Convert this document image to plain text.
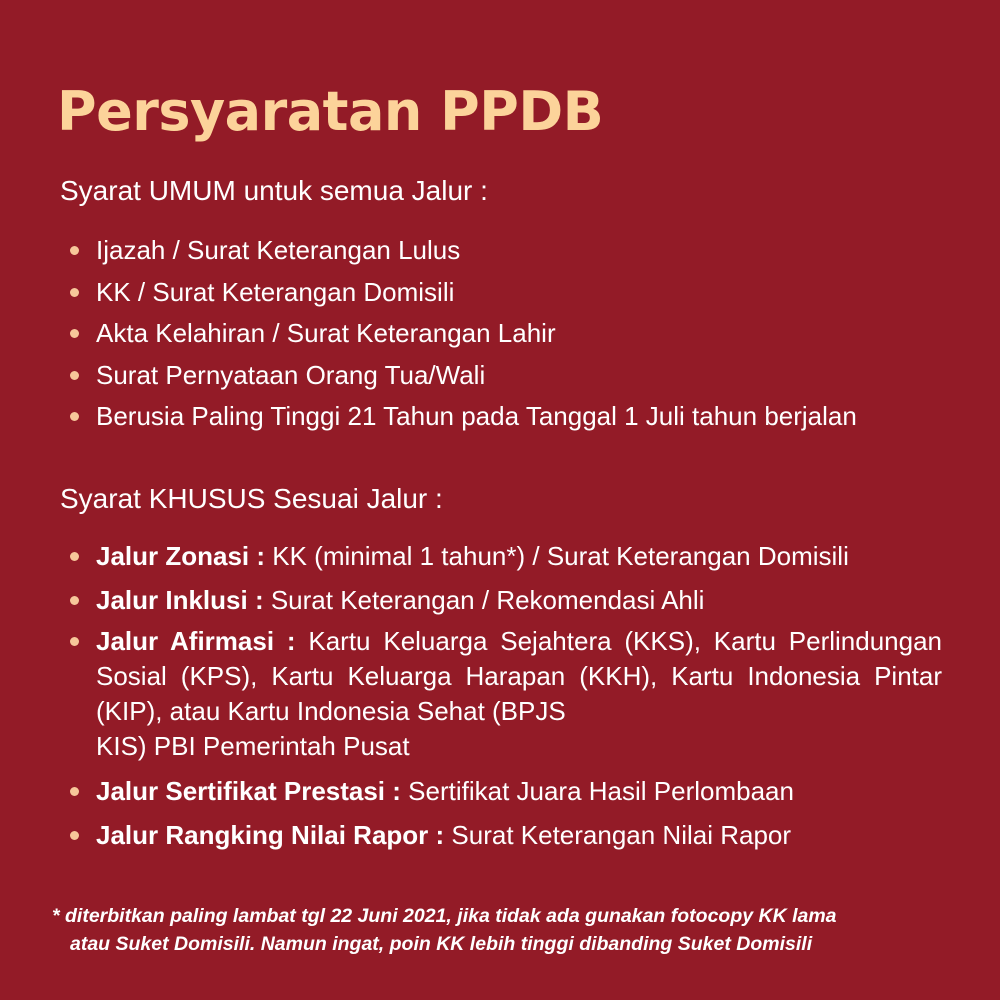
Persyaratan PPDB
Syarat UMUM untuk semua Jalur :
Ijazah / Surat Keterangan Lulus
KK / Surat Keterangan Domisili
Akta Kelahiran / Surat Keterangan Lahir
Surat Pernyataan Orang Tua/Wali
Berusia Paling Tinggi 21 Tahun pada Tanggal 1 Juli tahun berjalan
Syarat KHUSUS Sesuai Jalur :
Jalur Zonasi : KK (minimal 1 tahun*) / Surat Keterangan Domisili
Jalur Inklusi : Surat Keterangan / Rekomendasi Ahli
Jalur Afirmasi : Kartu Keluarga Sejahtera (KKS), Kartu Perlindungan Sosial (KPS), Kartu Keluarga Harapan (KKH), Kartu Indonesia Pintar (KIP), atau Kartu Indonesia Sehat (BPJS
KIS) PBI Pemerintah Pusat
Jalur Sertifikat Prestasi : Sertifikat Juara Hasil Perlombaan
Jalur Rangking Nilai Rapor : Surat Keterangan Nilai Rapor

* diterbitkan paling lambat tgl 22 Juni 2021, jika tidak ada gunakan fotocopy KK lama
atau Suket Domisili. Namun ingat, poin KK lebih tinggi dibanding Suket Domisili
